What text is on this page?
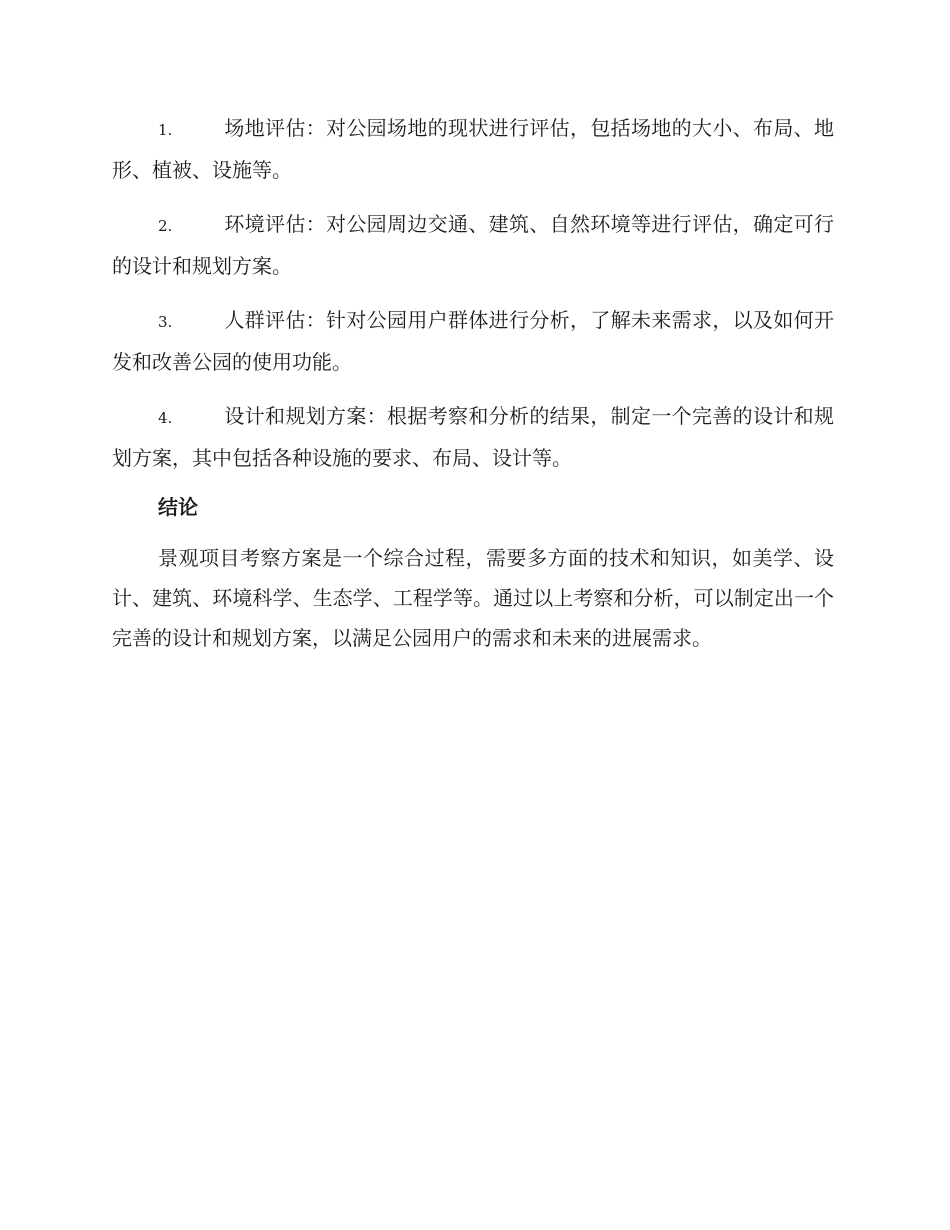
1.	场地评估：对公园场地的现状进行评估，包括场地的大小、布局、地形、植被、设施等。
2.	环境评估：对公园周边交通、建筑、自然环境等进行评估，确定可行的设计和规划方案。
3.	人群评估：针对公园用户群体进行分析，了解未来需求，以及如何开发和改善公园的使用功能。
4.	设计和规划方案：根据考察和分析的结果，制定一个完善的设计和规划方案，其中包括各种设施的要求、布局、设计等。
结论

景观项目考察方案是一个综合过程，需要多方面的技术和知识，如美学、设计、建筑、环境科学、生态学、工程学等。通过以上考察和分析，可以制定出一个完善的设计和规划方案，以满足公园用户的需求和未来的进展需求。
